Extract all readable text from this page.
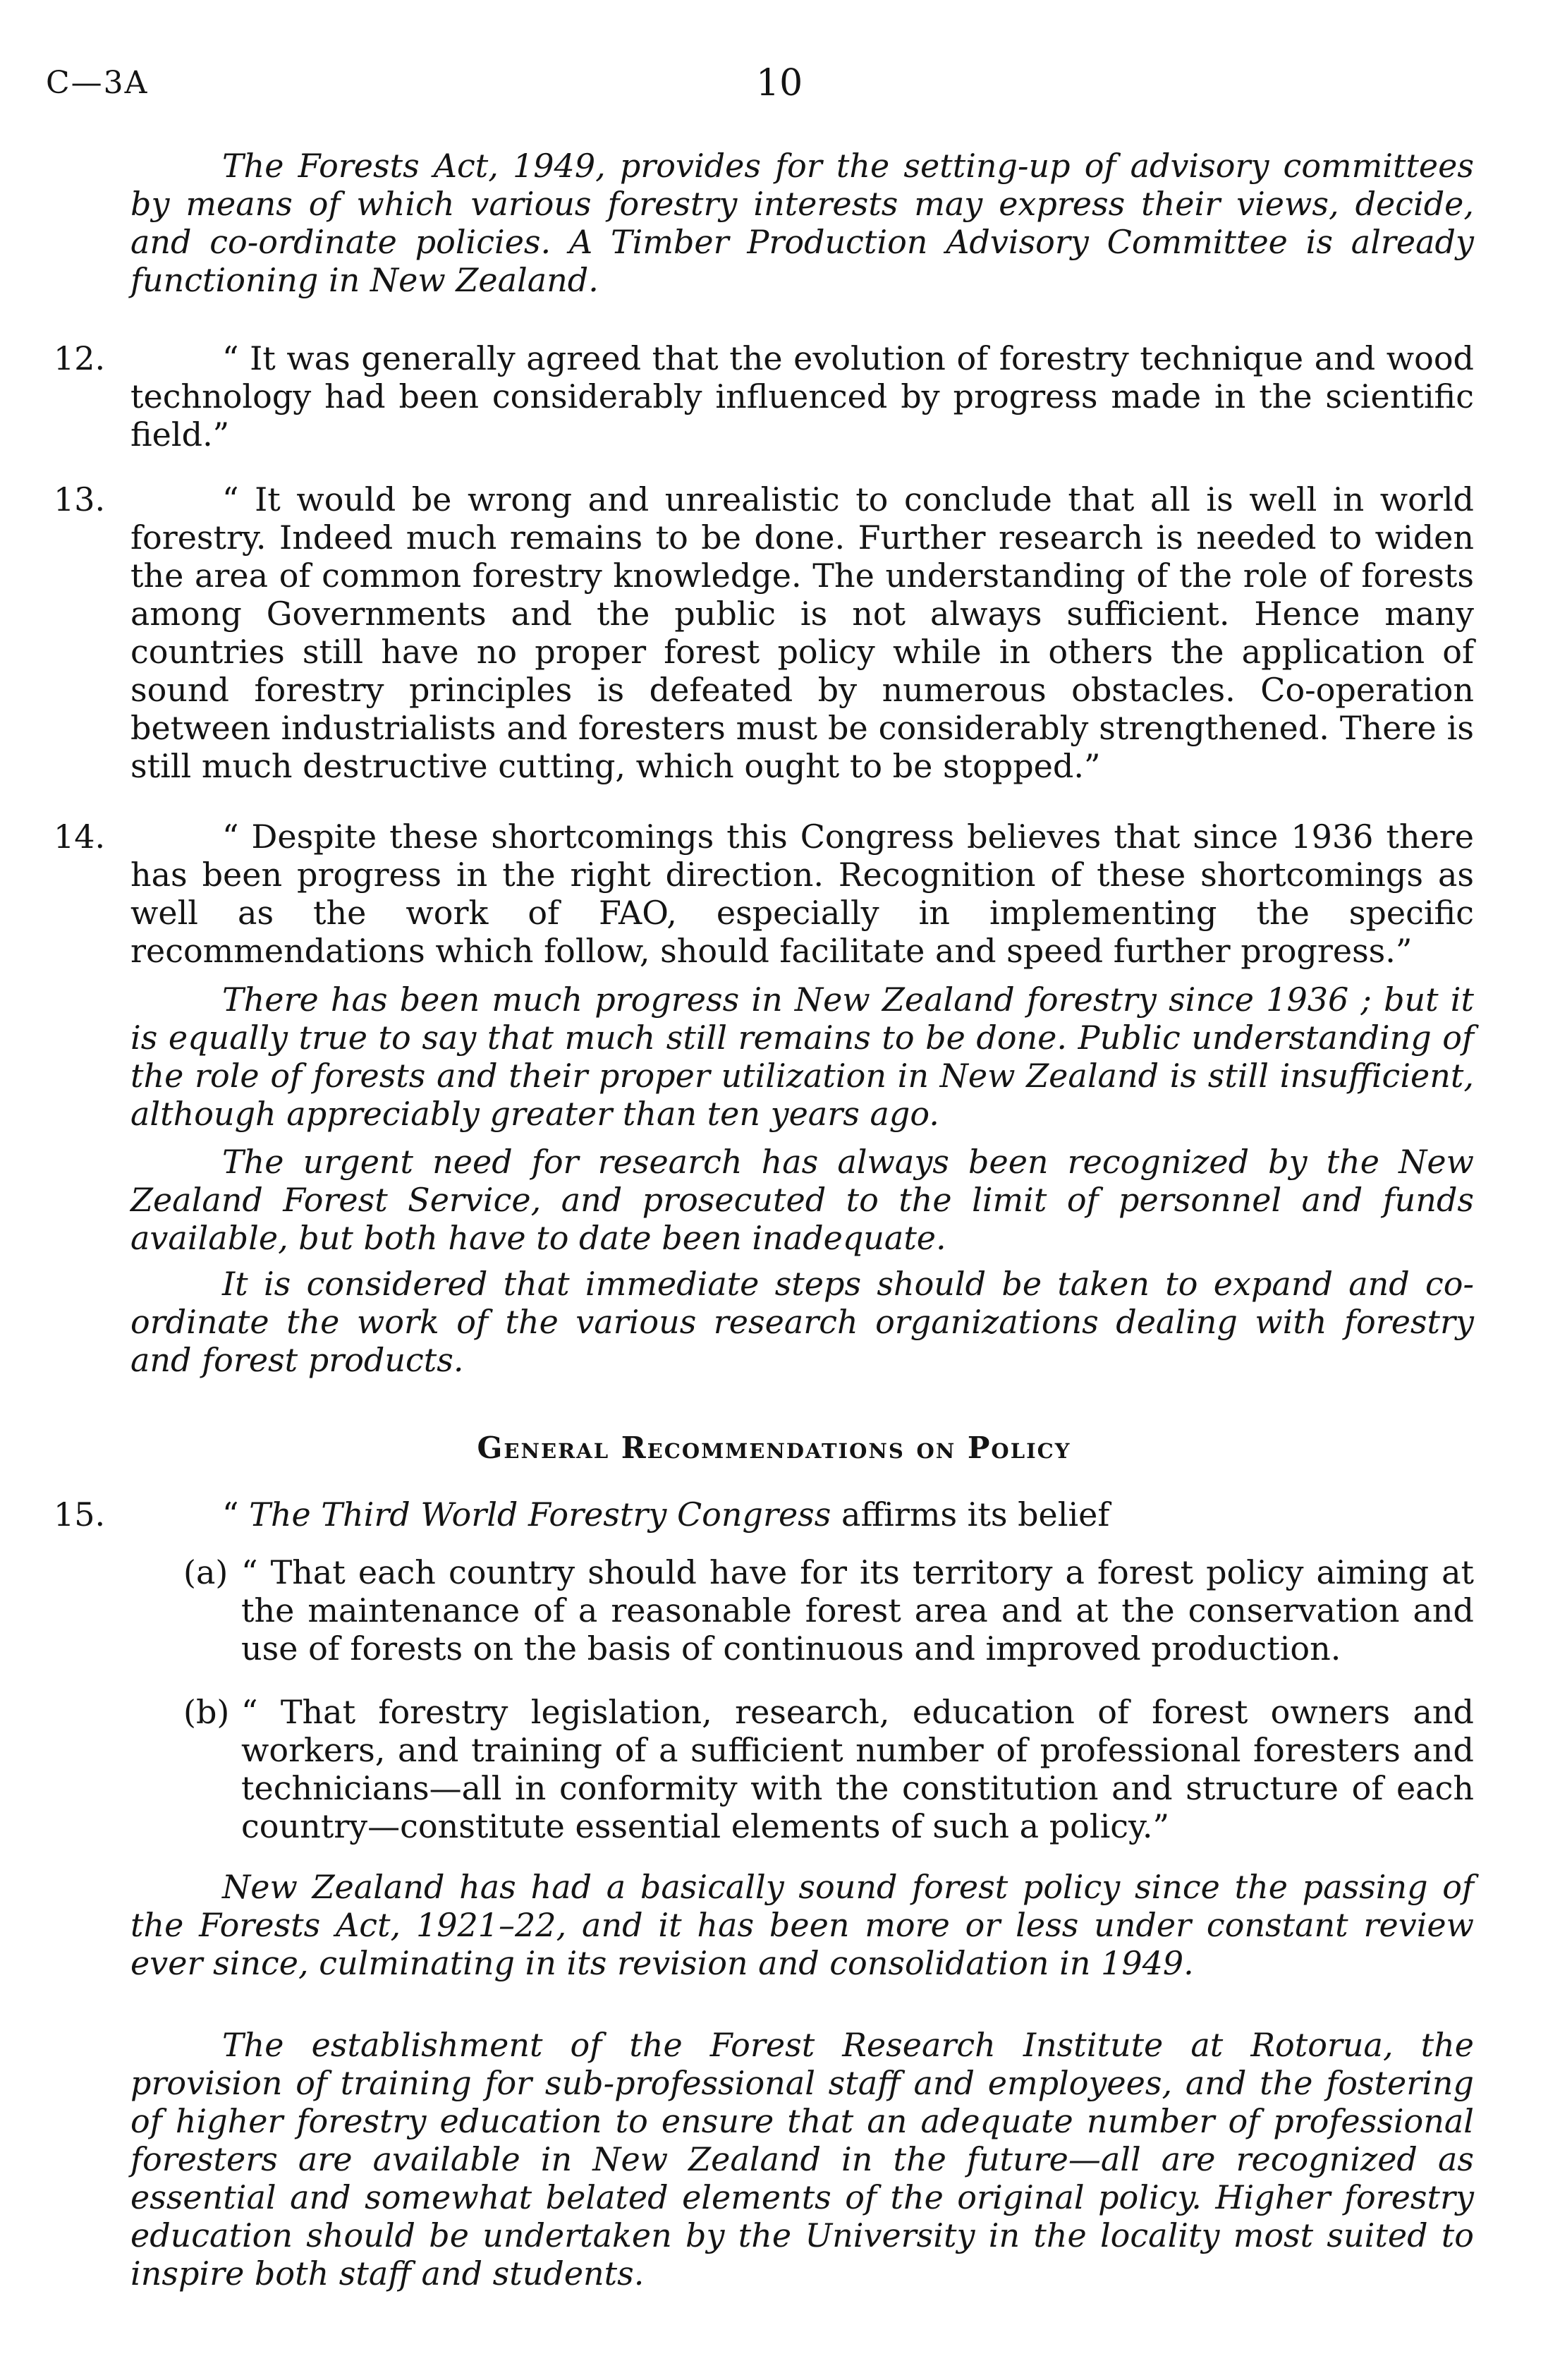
C—3A	10

The Forests Act, 1949, provides for the setting-up of advisory committees by means of which various forestry interests may express their views, decide, and co-ordinate policies. A Timber Production Advisory Committee is already functioning in New Zealand.

12.	“ It was generally agreed that the evolution of forestry technique and wood technology had been considerably influenced by progress made in the scientific field.”

13.	“ It would be wrong and unrealistic to conclude that all is well in world forestry. Indeed much remains to be done. Further research is needed to widen the area of common forestry knowledge. The understanding of the role of forests among Governments and the public is not always sufficient. Hence many countries still have no proper forest policy while in others the application of sound forestry principles is defeated by numerous obstacles. Co-operation between industrialists and foresters must be considerably strengthened. There is still much destructive cutting, which ought to be stopped.”

14.	“ Despite these shortcomings this Congress believes that since 1936 there has been progress in the right direction. Recognition of these shortcomings as well as the work of FAO, especially in implementing the specific recommendations which follow, should facilitate and speed further progress.”

There has been much progress in New Zealand forestry since 1936 ; but it is equally true to say that much still remains to be done. Public understanding of the role of forests and their proper utilization in New Zealand is still insufficient, although appreciably greater than ten years ago.

The urgent need for research has always been recognized by the New Zealand Forest Service, and prosecuted to the limit of personnel and funds available, but both have to date been inadequate.

It is considered that immediate steps should be taken to expand and co-ordinate the work of the various research organizations dealing with forestry and forest products.

General Recommendations on Policy
15.	“ The Third World Forestry Congress affirms its belief

(a) “ That each country should have for its territory a forest policy aiming at the maintenance of a reasonable forest area and at the conservation and use of forests on the basis of continuous and improved production.

(b) “ That forestry legislation, research, education of forest owners and workers, and training of a sufficient number of professional foresters and technicians—all in conformity with the constitution and structure of each country—constitute essential elements of such a policy.”

New Zealand has had a basically sound forest policy since the passing of the Forests Act, 1921–22, and it has been more or less under constant review ever since, culminating in its revision and consolidation in 1949.

The establishment of the Forest Research Institute at Rotorua, the provision of training for sub-professional staff and employees, and the fostering of higher forestry education to ensure that an adequate number of professional foresters are available in New Zealand in the future—all are recognized as essential and somewhat belated elements of the original policy. Higher forestry education should be undertaken by the University in the locality most suited to inspire both staff and students.
